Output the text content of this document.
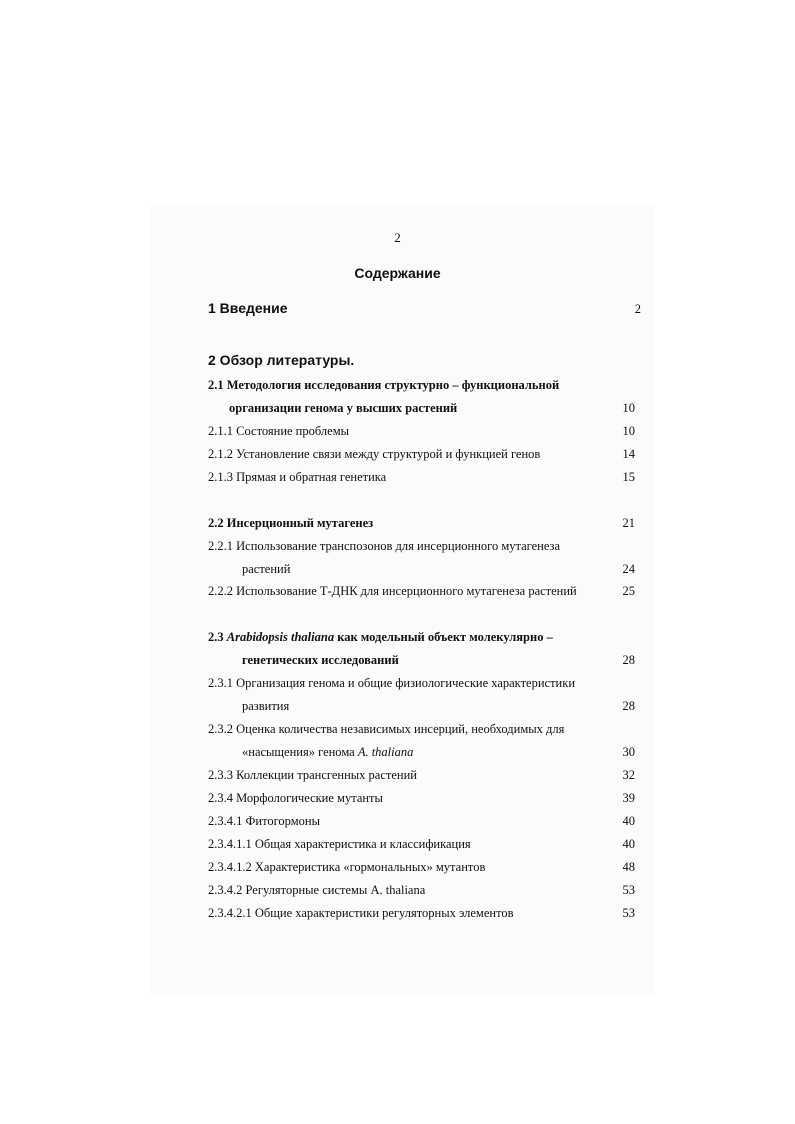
2
Содержание
1 Введение	2
2 Обзор литературы.
2.1 Методология исследования структурно – функциональной
организации генома у высших растений	10
2.1.1 Состояние проблемы	10
2.1.2 Установление связи между структурой и функцией генов	14
2.1.3 Прямая и обратная генетика	15
2.2 Инсерционный мутагенез	21
2.2.1 Использование транспозонов для инсерционного мутагенеза
растений	24
2.2.2 Использование Т-ДНК для инсерционного мутагенеза растений	25
2.3 Arabidopsis thaliana как модельный объект молекулярно –
генетических исследований	28
2.3.1 Организация генома и общие физиологические характеристики
развития	28
2.3.2 Оценка количества независимых инсерций, необходимых для
«насыщения» генома A. thaliana	30
2.3.3 Коллекции трансгенных растений	32
2.3.4 Морфологические мутанты	39
2.3.4.1 Фитогормоны	40
2.3.4.1.1 Общая характеристика и классификация	40
2.3.4.1.2 Характеристика «гормональных» мутантов	48
2.3.4.2 Регуляторные системы A. thaliana	53
2.3.4.2.1 Общие характеристики регуляторных элементов	53
